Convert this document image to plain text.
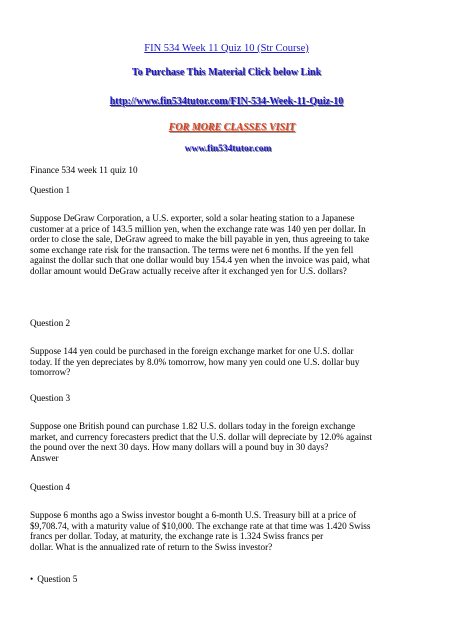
FIN 534 Week 11 Quiz 10 (Str Course)
To Purchase This Material Click below Link
http://www.fin534tutor.com/FIN-534-Week-11-Quiz-10
FOR MORE CLASSES VISIT
www.fin534tutor.com
Finance 534 week 11 quiz 10
Question 1
Suppose DeGraw Corporation, a U.S. exporter, sold a solar heating station to a Japanese
customer at a price of 143.5 million yen, when the exchange rate was 140 yen per dollar. In
order to close the sale, DeGraw agreed to make the bill payable in yen, thus agreeing to take
some exchange rate risk for the transaction. The terms were net 6 months. If the yen fell
against the dollar such that one dollar would buy 154.4 yen when the invoice was paid, what
dollar amount would DeGraw actually receive after it exchanged yen for U.S. dollars?
Question 2
Suppose 144 yen could be purchased in the foreign exchange market for one U.S. dollar
today. If the yen depreciates by 8.0% tomorrow, how many yen could one U.S. dollar buy
tomorrow?
Question 3
Suppose one British pound can purchase 1.82 U.S. dollars today in the foreign exchange
market, and currency forecasters predict that the U.S. dollar will depreciate by 12.0% against
the pound over the next 30 days. How many dollars will a pound buy in 30 days?
Answer
Question 4
Suppose 6 months ago a Swiss investor bought a 6-month U.S. Treasury bill at a price of
$9,708.74, with a maturity value of $10,000. The exchange rate at that time was 1.420 Swiss
francs per dollar. Today, at maturity, the exchange rate is 1.324 Swiss francs per
dollar. What is the annualized rate of return to the Swiss investor?
• Question 5
